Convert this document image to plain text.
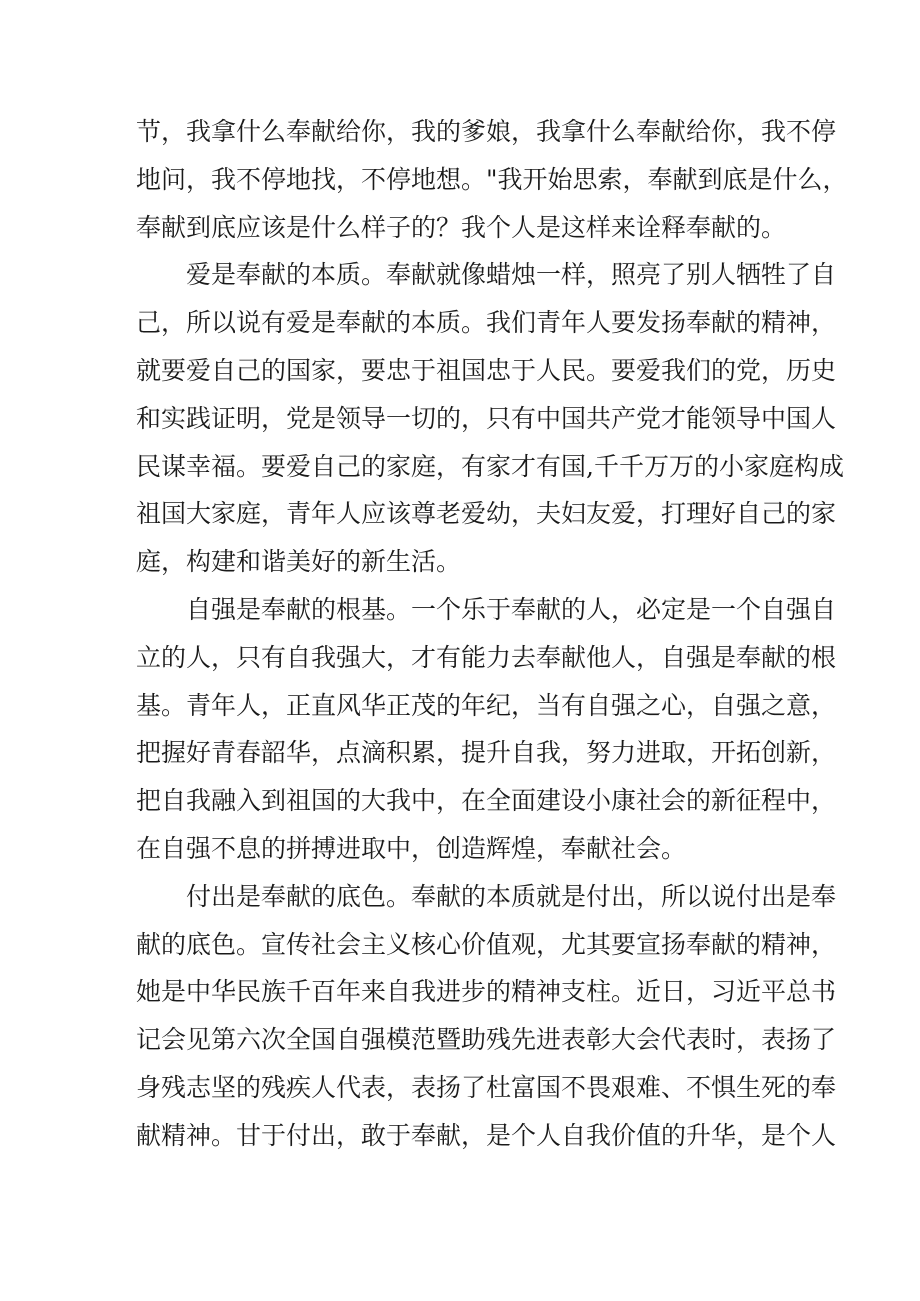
节，我拿什么奉献给你，我的爹娘，我拿什么奉献给你，我不停
地问，我不停地找，不停地想。"我开始思索，奉献到底是什么，
奉献到底应该是什么样子的？我个人是这样来诠释奉献的。
爱是奉献的本质。奉献就像蜡烛一样，照亮了别人牺牲了自
己，所以说有爱是奉献的本质。我们青年人要发扬奉献的精神，
就要爱自己的国家，要忠于祖国忠于人民。要爱我们的党，历史
和实践证明，党是领导一切的，只有中国共产党才能领导中国人
民谋幸福。要爱自己的家庭，有家才有国,千千万万的小家庭构成
祖国大家庭，青年人应该尊老爱幼，夫妇友爱，打理好自己的家
庭，构建和谐美好的新生活。
自强是奉献的根基。一个乐于奉献的人，必定是一个自强自
立的人，只有自我强大，才有能力去奉献他人，自强是奉献的根
基。青年人，正直风华正茂的年纪，当有自强之心，自强之意，
把握好青春韶华，点滴积累，提升自我，努力进取，开拓创新，
把自我融入到祖国的大我中，在全面建设小康社会的新征程中，
在自强不息的拼搏进取中，创造辉煌，奉献社会。
付出是奉献的底色。奉献的本质就是付出，所以说付出是奉
献的底色。宣传社会主义核心价值观，尤其要宣扬奉献的精神，
她是中华民族千百年来自我进步的精神支柱。近日，习近平总书
记会见第六次全国自强模范暨助残先进表彰大会代表时，表扬了
身残志坚的残疾人代表，表扬了杜富国不畏艰难、不惧生死的奉
献精神。甘于付出，敢于奉献，是个人自我价值的升华，是个人
